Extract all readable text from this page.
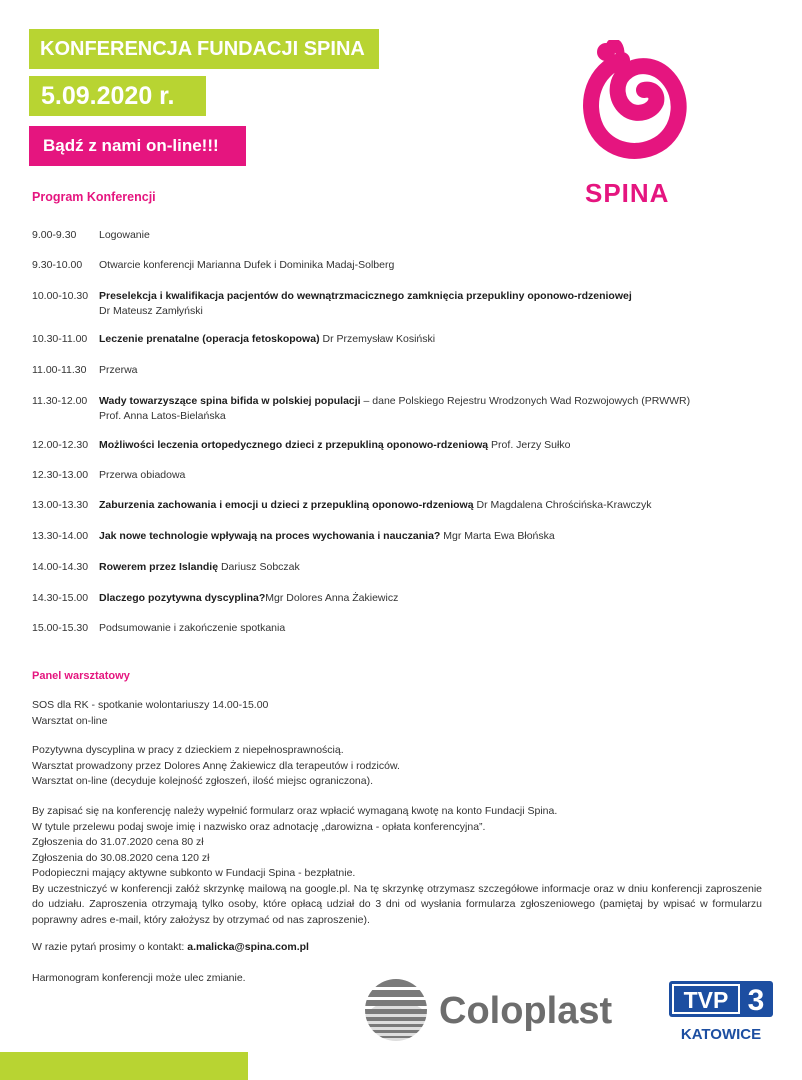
KONFERENCJA FUNDACJI SPINA
5.09.2020 r.
Bądź z nami on-line!!!
SPINA
Program Konferencji
9.00-9.30	Logowanie
9.30-10.00	Otwarcie konferencji Marianna Dufek i Dominika Madaj-Solberg
10.00-10.30	Preselekcja i kwalifikacja pacjentów do wewnątrzmacicznego zamknięcia przepukliny oponowo-rdzeniowej
Dr Mateusz Zamłyński
10.30-11.00	Leczenie prenatalne (operacja fetoskopowa) Dr Przemysław Kosiński
11.00-11.30	Przerwa
11.30-12.00	Wady towarzyszące spina bifida w polskiej populacji – dane Polskiego Rejestru Wrodzonych Wad Rozwojowych (PRWWR)
Prof. Anna Latos-Bielańska
12.00-12.30	Możliwości leczenia ortopedycznego dzieci z przepukliną oponowo-rdzeniową Prof. Jerzy Sułko
12.30-13.00	Przerwa obiadowa
13.00-13.30	Zaburzenia zachowania i emocji u dzieci z przepukliną oponowo-rdzeniową Dr Magdalena Chrościńska-Krawczyk
13.30-14.00	Jak nowe technologie wpływają na proces wychowania i nauczania? Mgr Marta Ewa Błońska
14.00-14.30	Rowerem przez Islandię Dariusz Sobczak
14.30-15.00	Dlaczego pozytywna dyscyplina?Mgr Dolores Anna Żakiewicz
15.00-15.30	Podsumowanie i zakończenie spotkania
Panel warsztatowy

SOS dla RK - spotkanie wolontariuszy 14.00-15.00

Warsztat on-line

Pozytywna dyscyplina w pracy z dzieckiem z niepełnosprawnością.

Warsztat prowadzony przez Dolores Annę Żakiewicz dla terapeutów i rodziców.

Warsztat on-line (decyduje kolejność zgłoszeń, ilość miejsc ograniczona).

By zapisać się na konferencję należy wypełnić formularz oraz wpłacić wymaganą kwotę na konto Fundacji Spina.

W tytule przelewu podaj swoje imię i nazwisko oraz adnotację „darowizna - opłata konferencyjna”.

Zgłoszenia do 31.07.2020 cena 80 zł

Zgłoszenia do 30.08.2020 cena 120 zł

Podopieczni mający aktywne subkonto w Fundacji Spina - bezpłatnie.

By uczestniczyć w konferencji załóż skrzynkę mailową na google.pl. Na tę skrzynkę otrzymasz szczegółowe informacje oraz w dniu konferencji zaproszenie do udziału. Zaproszenia otrzymają tylko osoby, które opłacą udział do 3 dni od wysłania formularza zgłoszeniowego (pamiętaj by wpisać w formularzu poprawny adres e-mail, który założysz by otrzymać od nas zaproszenie).

W razie pytań prosimy o kontakt: a.malicka@spina.com.pl
Harmonogram konferencji może ulec zmianie.
Coloplast	TVP 3
KATOWICE
